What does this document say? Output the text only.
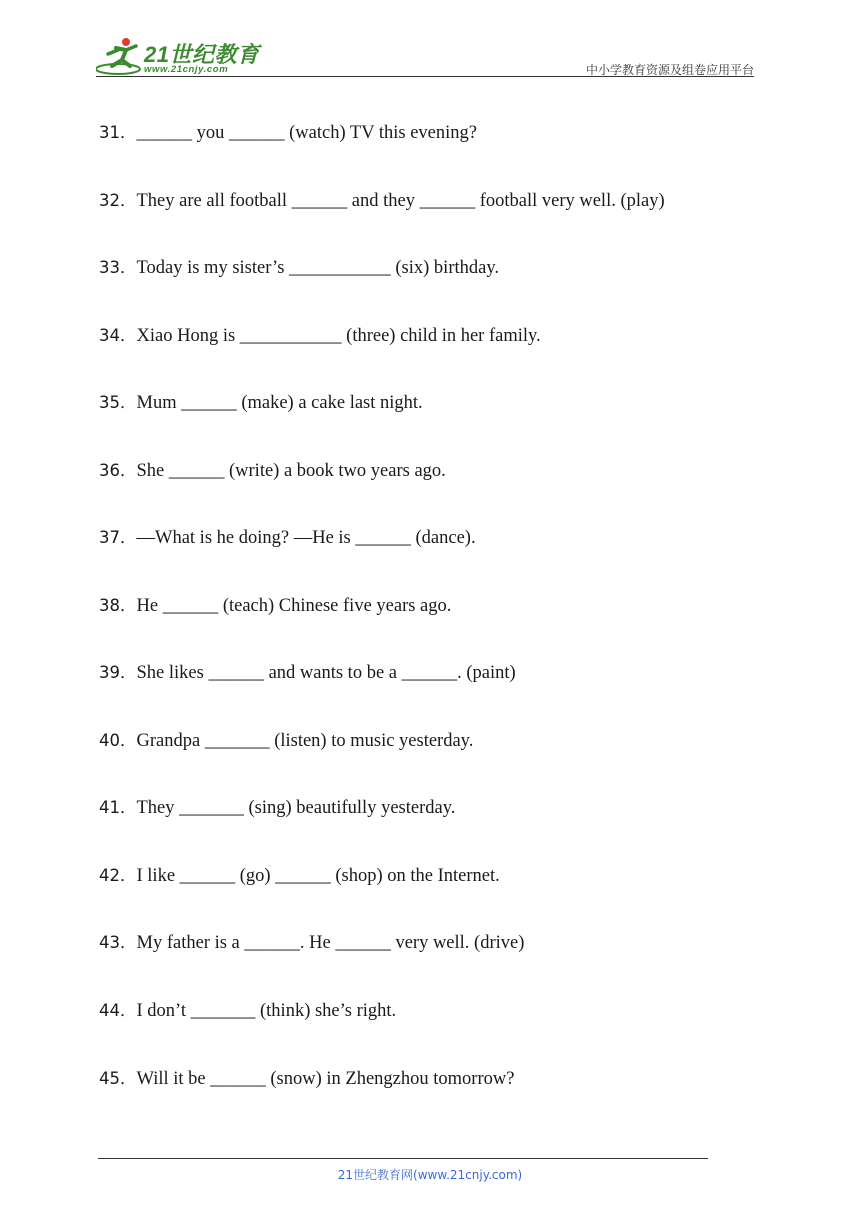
21世纪教育
www.21cnjy.com	中小学教育资源及组卷应用平台
31．______ you ______ (watch) TV this evening?
32．They are all football ______ and they ______ football very well. (play)
33．Today is my sister’s ___________ (six) birthday.
34．Xiao Hong is ___________ (three) child in her family.
35．Mum ______ (make) a cake last night.
36．She ______ (write) a book two years ago.
37．—What is he doing? —He is ______ (dance).
38．He ______ (teach) Chinese five years ago.
39．She likes ______ and wants to be a ______. (paint)
40．Grandpa _______ (listen) to music yesterday.
41．They _______ (sing) beautifully yesterday.
42．I like ______ (go) ______ (shop) on the Internet.
43．My father is a ______. He ______ very well. (drive)
44．I don’t _______ (think) she’s right.
45．Will it be ______ (snow) in Zhengzhou tomorrow?
21世纪教育网(www.21cnjy.com)
